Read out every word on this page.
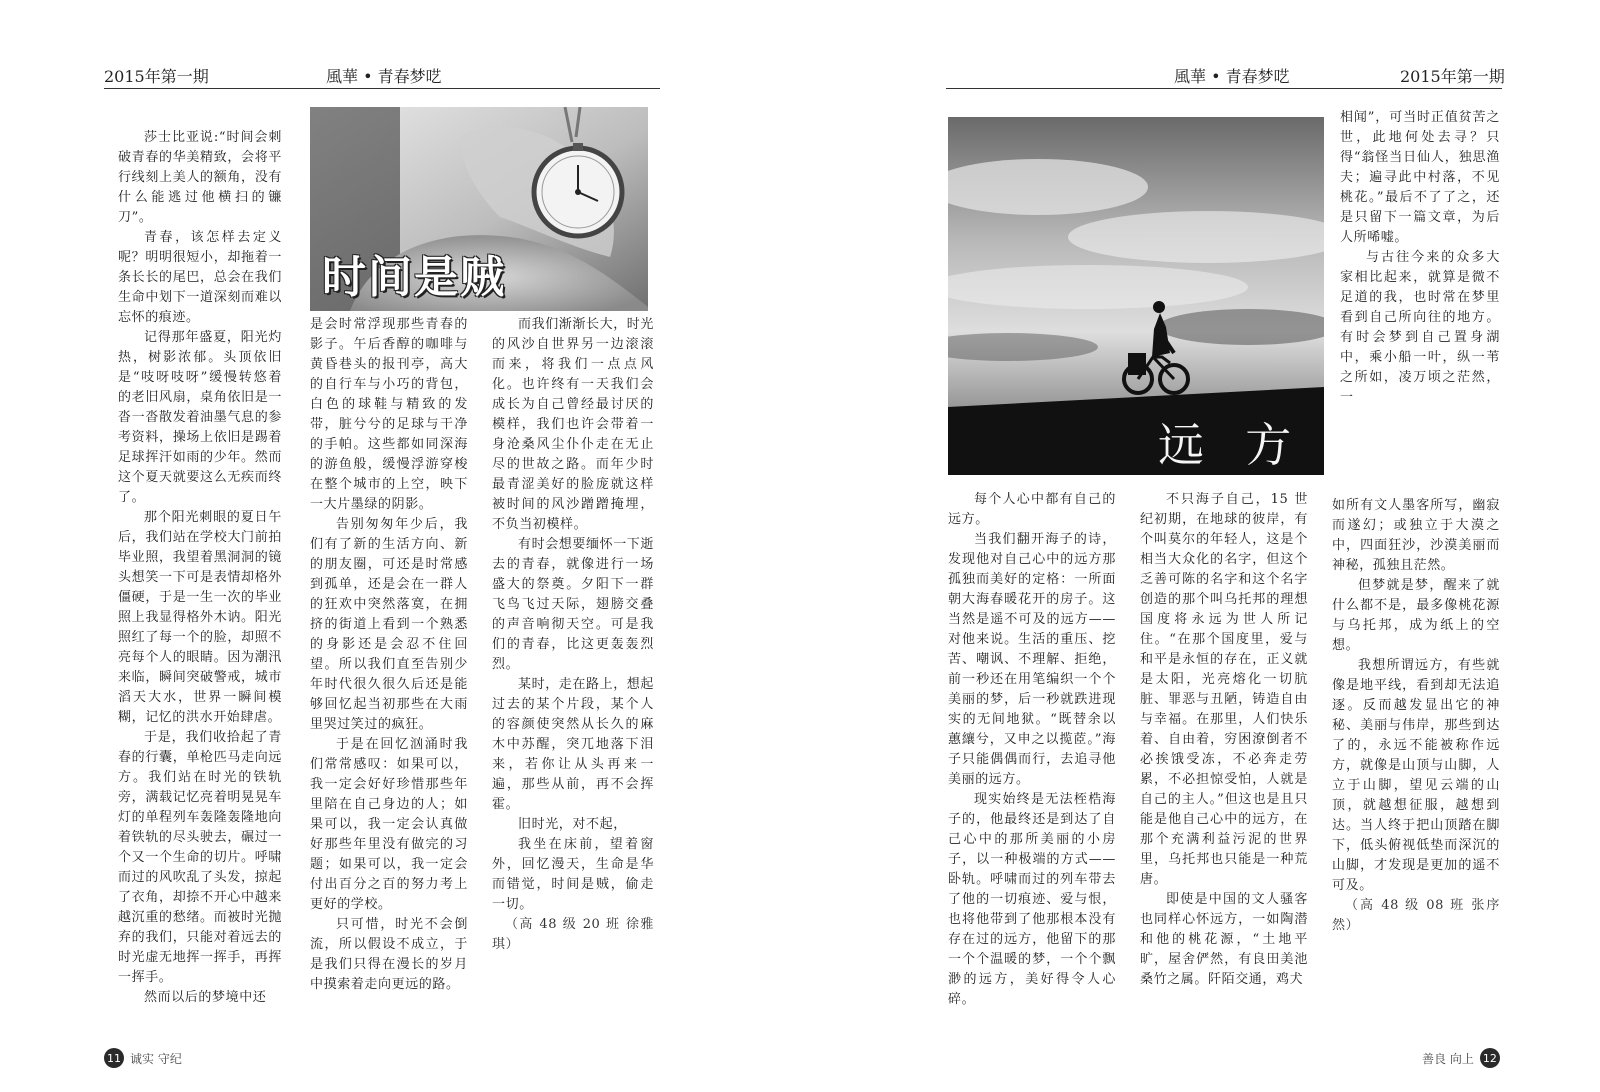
2015年第一期	風華 • 青春梦呓
时间是贼

莎士比亚说:“时间会刺破青春的华美精致，会将平行线刻上美人的额角，没有什么能逃过他横扫的镰刀”。

青春，该怎样去定义呢？明明很短小，却拖着一条长长的尾巴，总会在我们生命中划下一道深刻而难以忘怀的痕迹。

记得那年盛夏，阳光灼热，树影浓郁。头顶依旧是“吱呀吱呀”缓慢转悠着的老旧风扇，桌角依旧是一沓一沓散发着油墨气息的参考资料，操场上依旧是踢着足球挥汗如雨的少年。然而这个夏天就要这么无疾而终了。

那个阳光刺眼的夏日午后，我们站在学校大门前拍毕业照，我望着黑洞洞的镜头想笑一下可是表情却格外僵硬，于是一生一次的毕业照上我显得格外木讷。阳光照红了每一个的脸，却照不亮每个人的眼睛。因为潮汛来临，瞬间突破警戒，城市滔天大水，世界一瞬间模糊，记忆的洪水开始肆虐。

于是，我们收拾起了青春的行囊，单枪匹马走向远方。我们站在时光的铁轨旁，满载记忆亮着明晃晃车灯的单程列车轰隆轰隆地向着铁轨的尽头驶去，碾过一个又一个生命的切片。呼啸而过的风吹乱了头发，掠起了衣角，却捺不开心中越来越沉重的愁绪。而被时光抛弃的我们，只能对着远去的时光虚无地挥一挥手，再挥一挥手。

然而以后的梦境中还

是会时常浮现那些青春的影子。午后香醇的咖啡与黄昏巷头的报刊亭，高大的自行车与小巧的背包，白色的球鞋与精致的发带，脏兮兮的足球与干净的手帕。这些都如同深海的游鱼般，缓慢浮游穿梭在整个城市的上空，映下一大片墨绿的阴影。

告别匆匆年少后，我们有了新的生活方向、新的朋友圈，可还是时常感到孤单，还是会在一群人的狂欢中突然落寞，在拥挤的街道上看到一个熟悉的身影还是会忍不住回望。所以我们直至告别少年时代很久很久后还是能够回忆起当初那些在大雨里哭过笑过的疯狂。

于是在回忆汹涌时我们常常感叹：如果可以，我一定会好好珍惜那些年里陪在自己身边的人；如果可以，我一定会认真做好那些年里没有做完的习题；如果可以，我一定会付出百分之百的努力考上更好的学校。

只可惜，时光不会倒流，所以假设不成立，于是我们只得在漫长的岁月中摸索着走向更远的路。

而我们渐渐长大，时光的风沙自世界另一边滚滚而来，将我们一点点风化。也许终有一天我们会成长为自己曾经最讨厌的模样，我们也许会带着一身沧桑风尘仆仆走在无止尽的世故之路。而年少时最青涩美好的脸庞就这样被时间的风沙蹭蹭掩埋，不负当初模样。

有时会想要缅怀一下逝去的青春，就像进行一场盛大的祭奠。夕阳下一群飞鸟飞过天际，翅膀交叠的声音响彻天空。可是我们的青春，比这更轰轰烈烈。

某时，走在路上，想起过去的某个片段，某个人的容颜使突然从长久的麻木中苏醒，突兀地落下泪来，若你让从头再来一遍，那些从前，再不会挥霍。

旧时光，对不起，

我坐在床前，望着窗外，回忆漫天，生命是华而错觉，时间是贼，偷走一切。

（高 48 级 20 班 徐雅琪）

11 诚实 守纪
風華 • 青春梦呓	2015年第一期
远  方

每个人心中都有自己的远方。

当我们翻开海子的诗，发现他对自己心中的远方那孤独而美好的定格：一所面朝大海春暖花开的房子。这当然是遥不可及的远方——对他来说。生活的重压、挖苦、嘲讽、不理解、拒绝，前一秒还在用笔编织一个个美丽的梦，后一秒就跌进现实的无间地狱。“既替余以蕙纕兮，又申之以揽茝。”海子只能偶偶而行，去追寻他美丽的远方。

现实始终是无法桎梏海子的，他最终还是到达了自己心中的那所美丽的小房子，以一种极端的方式——卧轨。呼啸而过的列车带去了他的一切痕迹、爱与恨，也将他带到了他那根本没有存在过的远方，他留下的那一个个温暖的梦，一个个飘渺的远方，美好得令人心碎。

不只海子自己，15 世纪初期，在地球的彼岸，有个叫莫尔的年轻人，这是个相当大众化的名字，但这个乏善可陈的名字和这个名字创造的那个叫乌托邦的理想国度将永远为世人所记住。“在那个国度里，爱与和平是永恒的存在，正义就是太阳，光亮熔化一切肮脏、罪恶与丑陋，铸造自由与幸福。在那里，人们快乐着、自由着，穷困潦倒者不必挨饿受冻，不必奔走劳累，不必担惊受怕，人就是自己的主人。”但这也是且只能是他自己心中的远方，在那个充满利益污泥的世界里，乌托邦也只能是一种荒唐。

即使是中国的文人骚客也同样心怀远方，一如陶潜和他的桃花源，“土地平旷，屋舍俨然，有良田美池桑竹之属。阡陌交通，鸡犬

相闻”，可当时正值贫苦之世，此地何处去寻？只得“翁怪当日仙人，独思渔夫；遍寻此中村落，不见桃花。”最后不了了之，还是只留下一篇文章，为后人所唏嘘。

与古往今来的众多大家相比起来，就算是微不足道的我，也时常在梦里看到自己所向往的地方。有时会梦到自己置身湖中，乘小船一叶，纵一苇之所如，凌万顷之茫然，一

如所有文人墨客所写，幽寂而遂幻；或独立于大漠之中，四面狂沙，沙漠美丽而神秘，孤独且茫然。

但梦就是梦，醒来了就什么都不是，最多像桃花源与乌托邦，成为纸上的空想。

我想所谓远方，有些就像是地平线，看到却无法追逐。反而越发显出它的神秘、美丽与伟岸，那些到达了的，永远不能被称作远方，就像是山顶与山脚，人立于山脚，望见云端的山顶，就越想征服，越想到达。当人终于把山顶踏在脚下，低头俯视低垫而深沉的山脚，才发现是更加的遥不可及。

（高 48 级 08 班 张序然）

善良 向上 12
